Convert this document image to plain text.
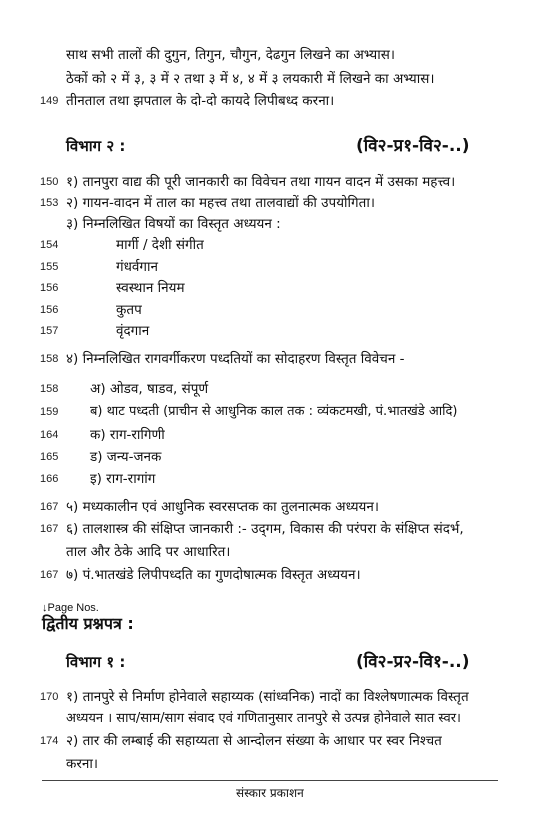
साथ सभी तालों की दुगुन, तिगुन, चौगुन, देढगुन लिखने का अभ्यास।
ठेकों को २ में ३, ३ में २ तथा ३ में ४, ४ में ३ लयकारी में लिखने का अभ्यास।
149 तीनताल तथा झपताल के दो-दो कायदे लिपीबध्द करना।
विभाग २ :	(वि२-प्र१-वि२-..)
150 १) तानपुरा वाद्य की पूरी जानकारी का विवेचन तथा गायन वादन में उसका महत्त्व।
153 २) गायन-वादन में ताल का महत्त्व तथा तालवाद्यों की उपयोगिता।
३) निम्नलिखित विषयों का विस्तृत अध्ययन :
154	मार्गी / देशी संगीत
155	गंधर्वगान
156	स्वस्थान नियम
156	कुतप
157	वृंदगान
158 ४) निम्नलिखित रागवर्गीकरण पध्दतियों का सोदाहरण विस्तृत विवेचन -
158 अ) ओडव, षाडव, संपूर्ण
159 ब) थाट पध्दती (प्राचीन से आधुनिक काल तक : व्यंकटमखी, पं.भातखंडे आदि)
164 क) राग-रागिणी
165 ड) जन्य-जनक
166 इ) राग-रागांग
167 ५) मध्यकालीन एवं आधुनिक स्वरसप्तक का तुलनात्मक अध्ययन।
167 ६) तालशास्त्र की संक्षिप्त जानकारी :- उद्‌गम, विकास की परंपरा के संक्षिप्त संदर्भ,
ताल और ठेके आदि पर आधारित।
167 ७) पं.भातखंडे लिपीपध्दति का गुणदोषात्मक विस्तृत अध्ययन।
↓Page Nos.
द्वितीय प्रश्नपत्र :
विभाग १ :	(वि२-प्र२-वि१-..)
170 १) तानपुरे से निर्माण होनेवाले सहाय्यक (सांध्वनिक) नादों का विश्‍लेषणात्मक विस्तृत
अध्ययन । साप/साम/साग संवाद एवं गणितानुसार तानपुरे से उत्पन्न होनेवाले सात स्वर।
174 २) तार की लम्बाई की सहाय्यता से आन्दोलन संख्या के आधार पर स्वर निश्‍चत
करना।
संस्कार प्रकाशन
